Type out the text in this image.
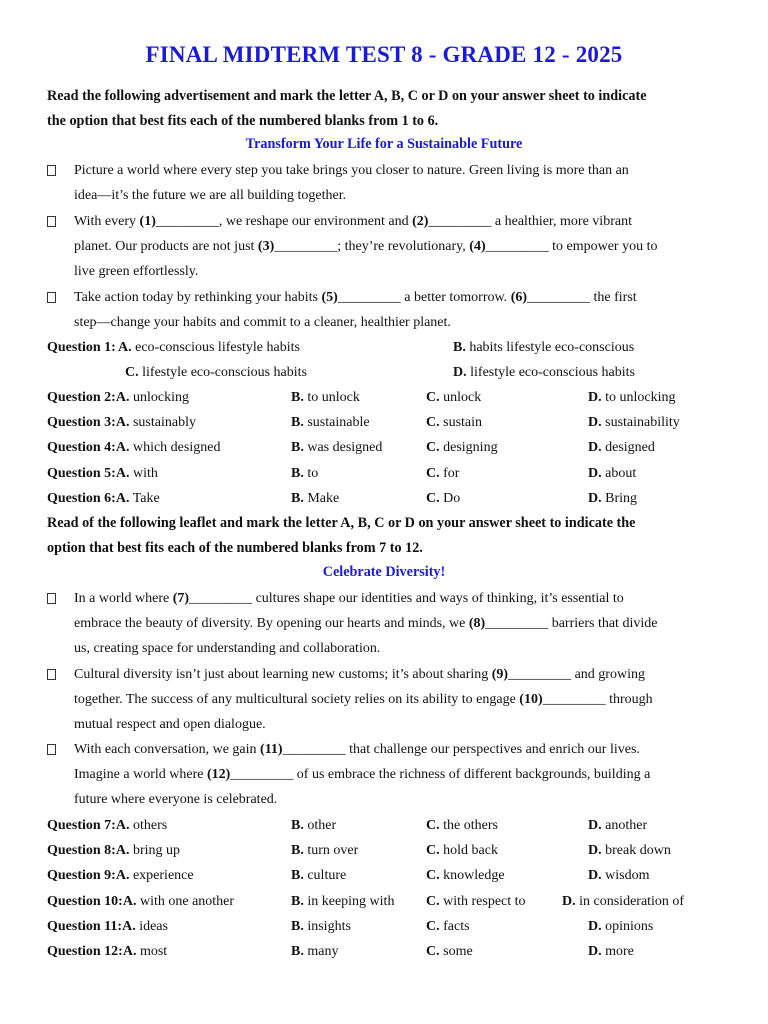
FINAL MIDTERM TEST 8 - GRADE 12 - 2025
Read the following advertisement and mark the letter A, B, C or D on your answer sheet to indicate
the option that best fits each of the numbered blanks from 1 to 6.
Transform Your Life for a Sustainable Future
Picture a world where every step you take brings you closer to nature. Green living is more than an
idea—it’s the future we are all building together.
With every (1)_________, we reshape our environment and (2)_________ a healthier, more vibrant
planet. Our products are not just (3)_________; they’re revolutionary, (4)_________ to empower you to
live green effortlessly.
Take action today by rethinking your habits (5)_________ a better tomorrow. (6)_________ the first
step—change your habits and commit to a cleaner, healthier planet.
Question 1: A. eco-conscious lifestyle habits	B. habits lifestyle eco-conscious
C. lifestyle eco-conscious habits	D. lifestyle eco-conscious habits
Question 2:A. unlocking	B. to unlock	C. unlock	D. to unlocking
Question 3:A. sustainably	B. sustainable	C. sustain	D. sustainability
Question 4:A. which designed	B. was designed	C. designing	D. designed
Question 5:A. with	B. to	C. for	D. about
Question 6:A. Take	B. Make	C. Do	D. Bring
Read of the following leaflet and mark the letter A, B, C or D on your answer sheet to indicate the
option that best fits each of the numbered blanks from 7 to 12.
Celebrate Diversity!
In a world where (7)_________ cultures shape our identities and ways of thinking, it’s essential to
embrace the beauty of diversity. By opening our hearts and minds, we (8)_________ barriers that divide
us, creating space for understanding and collaboration.
Cultural diversity isn’t just about learning new customs; it’s about sharing (9)_________ and growing
together. The success of any multicultural society relies on its ability to engage (10)_________ through
mutual respect and open dialogue.
With each conversation, we gain (11)_________ that challenge our perspectives and enrich our lives.
Imagine a world where (12)_________ of us embrace the richness of different backgrounds, building a
future where everyone is celebrated.
Question 7:A. others	B. other	C. the others	D. another
Question 8:A. bring up	B. turn over	C. hold back	D. break down
Question 9:A. experience	B. culture	C. knowledge	D. wisdom
Question 10:A. with one another	B. in keeping with C. with respect to	D. in consideration of
Question 11:A. ideas	B. insights	C. facts	D. opinions
Question 12:A. most	B. many	C. some	D. more
